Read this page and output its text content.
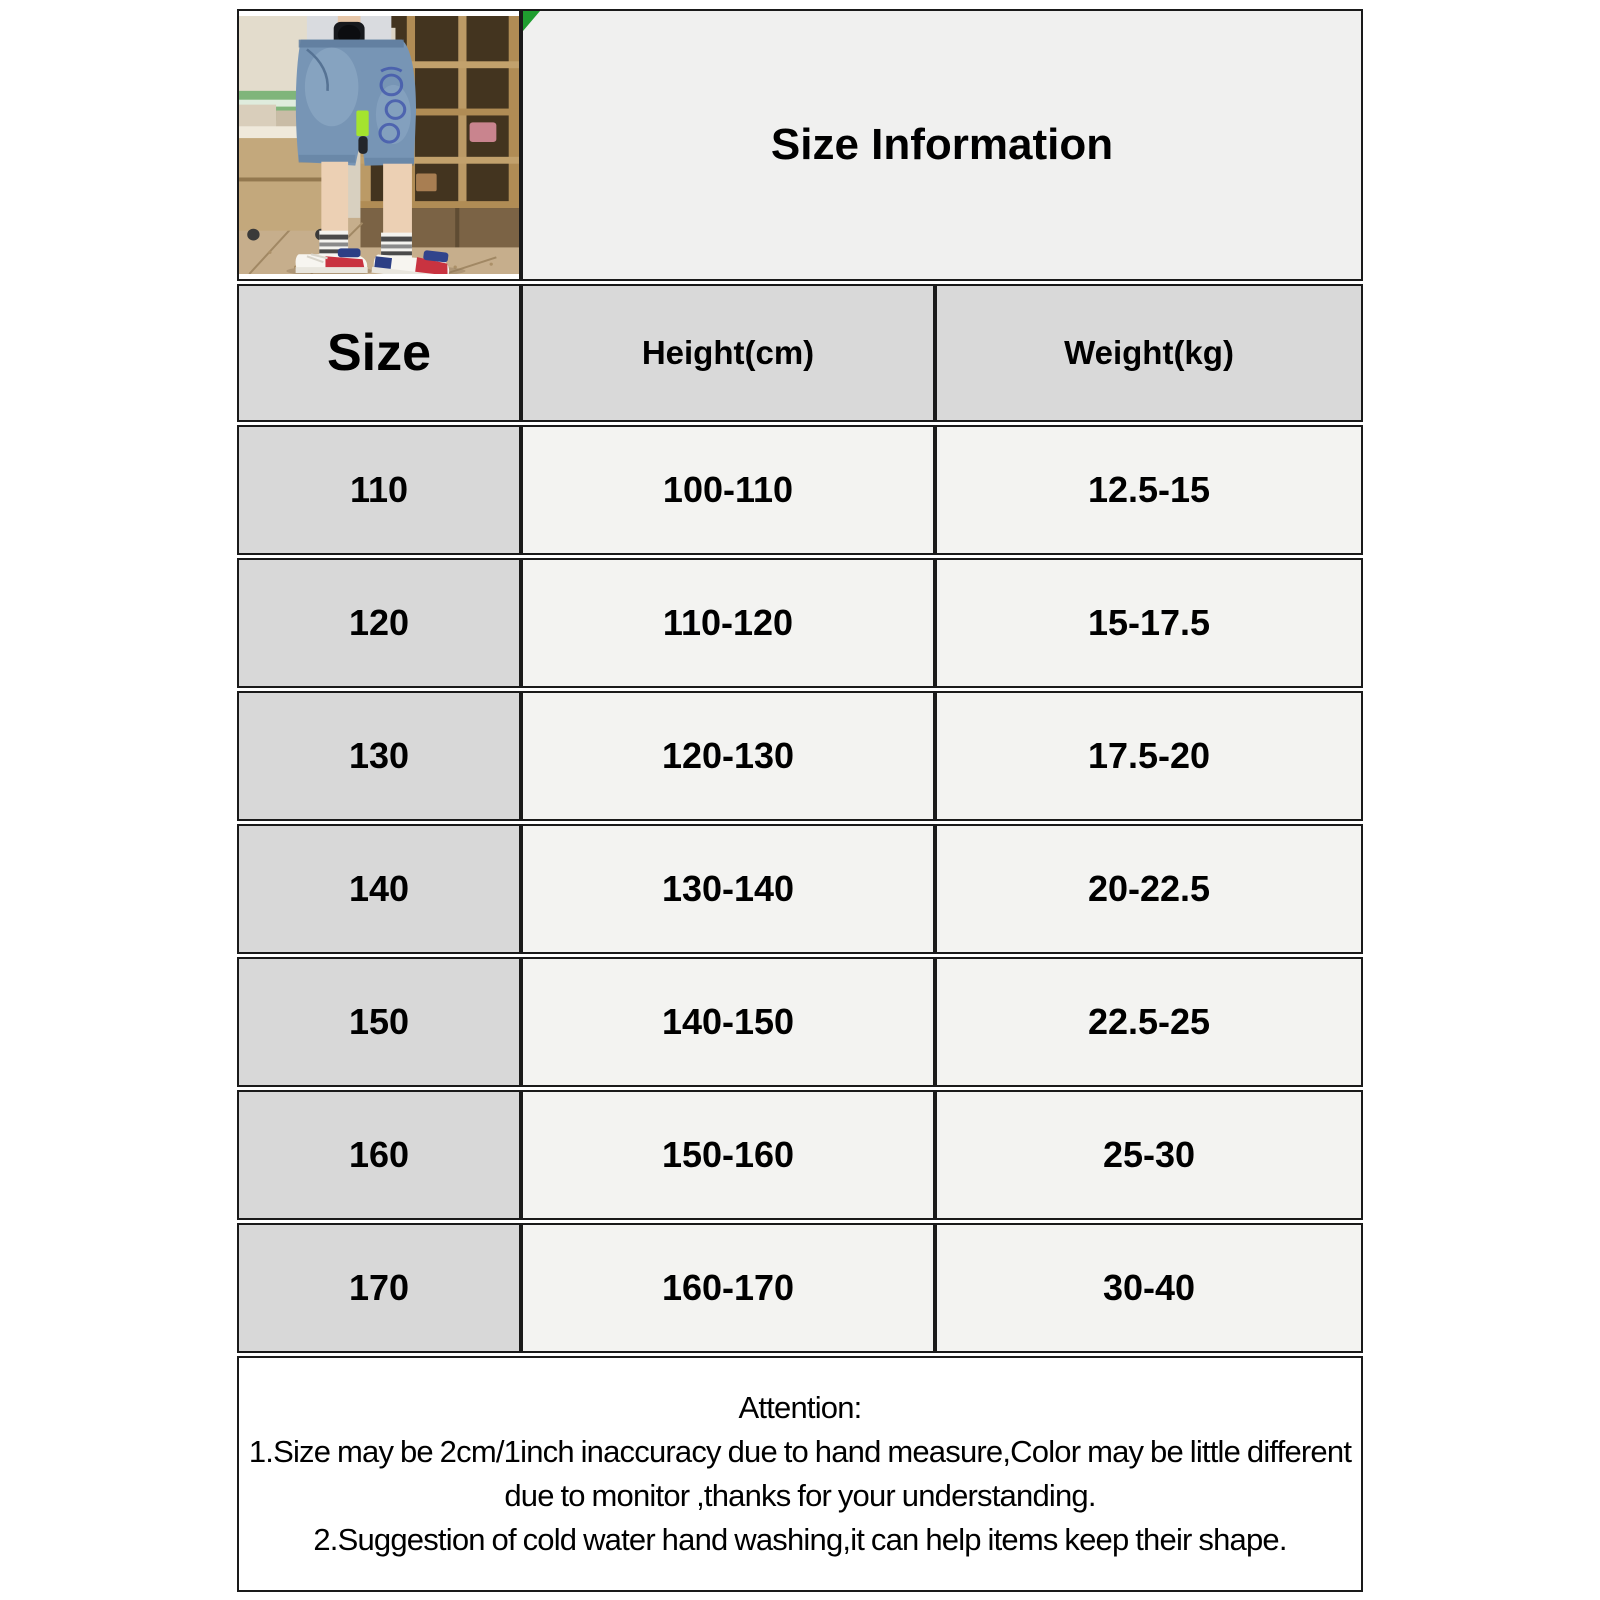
Size Information	
Size	Height(cm)	Weight(kg)
110	100-110	12.5-15
120	110-120	15-17.5
130	120-130	17.5-20
140	130-140	20-22.5
150	140-150	22.5-25
160	150-160	25-30
170	160-170	30-40

Attention:

1.Size may be 2cm/1inch inaccuracy due to hand measure,Color may be little different due to monitor ,thanks for your understanding.

2.Suggestion of cold water hand washing,it can help items keep their shape.		
